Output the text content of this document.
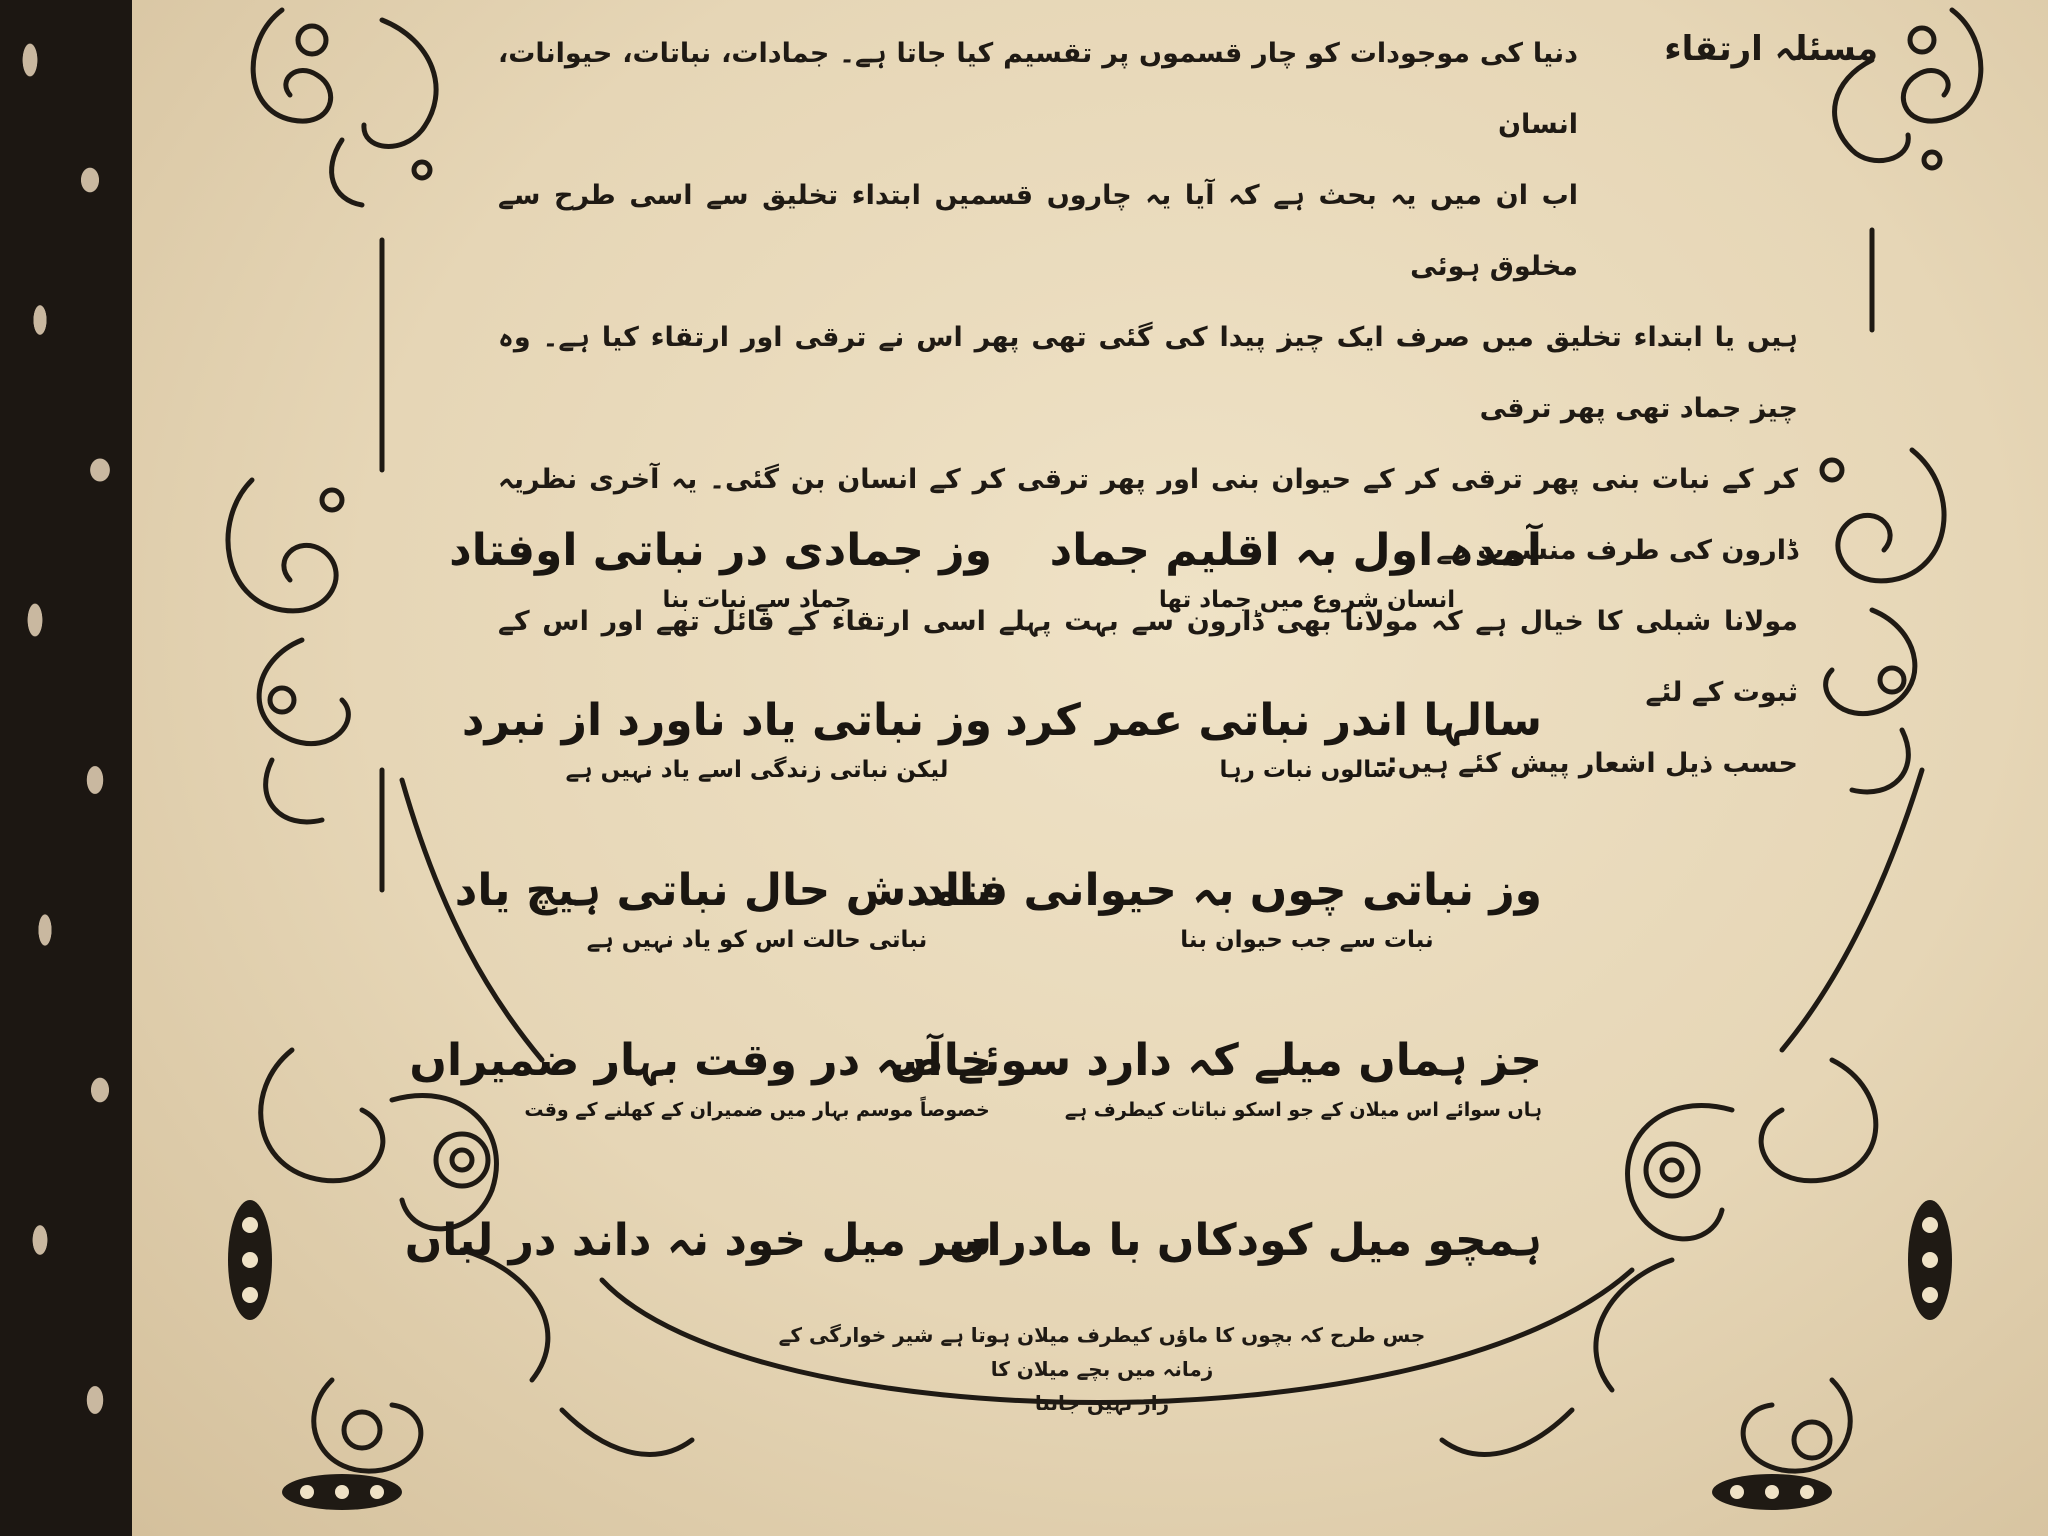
مسئلہ ارتقاء
دنیا کی موجودات کو چار قسموں پر تقسیم کیا جاتا ہے۔ جمادات، نباتات، حیوانات، انسان
اب ان میں یہ بحث ہے کہ آیا یہ چاروں قسمیں ابتداء تخلیق سے اسی طرح سے مخلوق ہوئی
ہیں یا ابتداء تخلیق میں صرف ایک چیز پیدا کی گئی تھی پھر اس نے ترقی اور ارتقاء کیا ہے۔ وہ چیز جماد تھی پھر ترقی
کر کے نبات بنی پھر ترقی کر کے حیوان بنی اور پھر ترقی کر کے انسان بن گئی۔ یہ آخری نظریہ ڈارون کی طرف منسوب ہے
مولانا شبلی کا خیال ہے کہ مولانا بھی ڈارون سے بہت پہلے اسی ارتقاء کے قائل تھے اور اس کے ثبوت کے لئے
حسب ذیل اشعار پیش کئے ہیں:-
آمدہ اول بہ اقلیم جماد
انسان شروع میں جماد تھا
وز جمادی در نباتی اوفتاد
جماد سے نبات بنا
سالہا اندر نباتی عمر کرد
سالوں نبات رہا
وز نباتی یاد ناورد از نبرد
لیکن نباتی زندگی اسے یاد نہیں ہے
وز نباتی چوں بہ حیوانی فتاد
نبات سے جب حیوان بنا
نامدش حال نباتی ہیچ یاد
نباتی حالت اس کو یاد نہیں ہے
جز ہماں میلے کہ دارد سوئے آں
ہاں سوائے اس میلان کے جو اسکو نباتات کیطرف ہے
خاصہ در وقت بہار ضمیراں
خصوصاً موسم بہار میں ضمیران کے کھلنے کے وقت
ہمچو میل کودکاں با مادراں
سر میل خود نہ داند در لباں
جس طرح کہ بچوں کا ماؤں کیطرف میلان ہوتا ہے شیر خوارگی کے زمانہ میں بچے میلان کا
راز نہیں جانتا
